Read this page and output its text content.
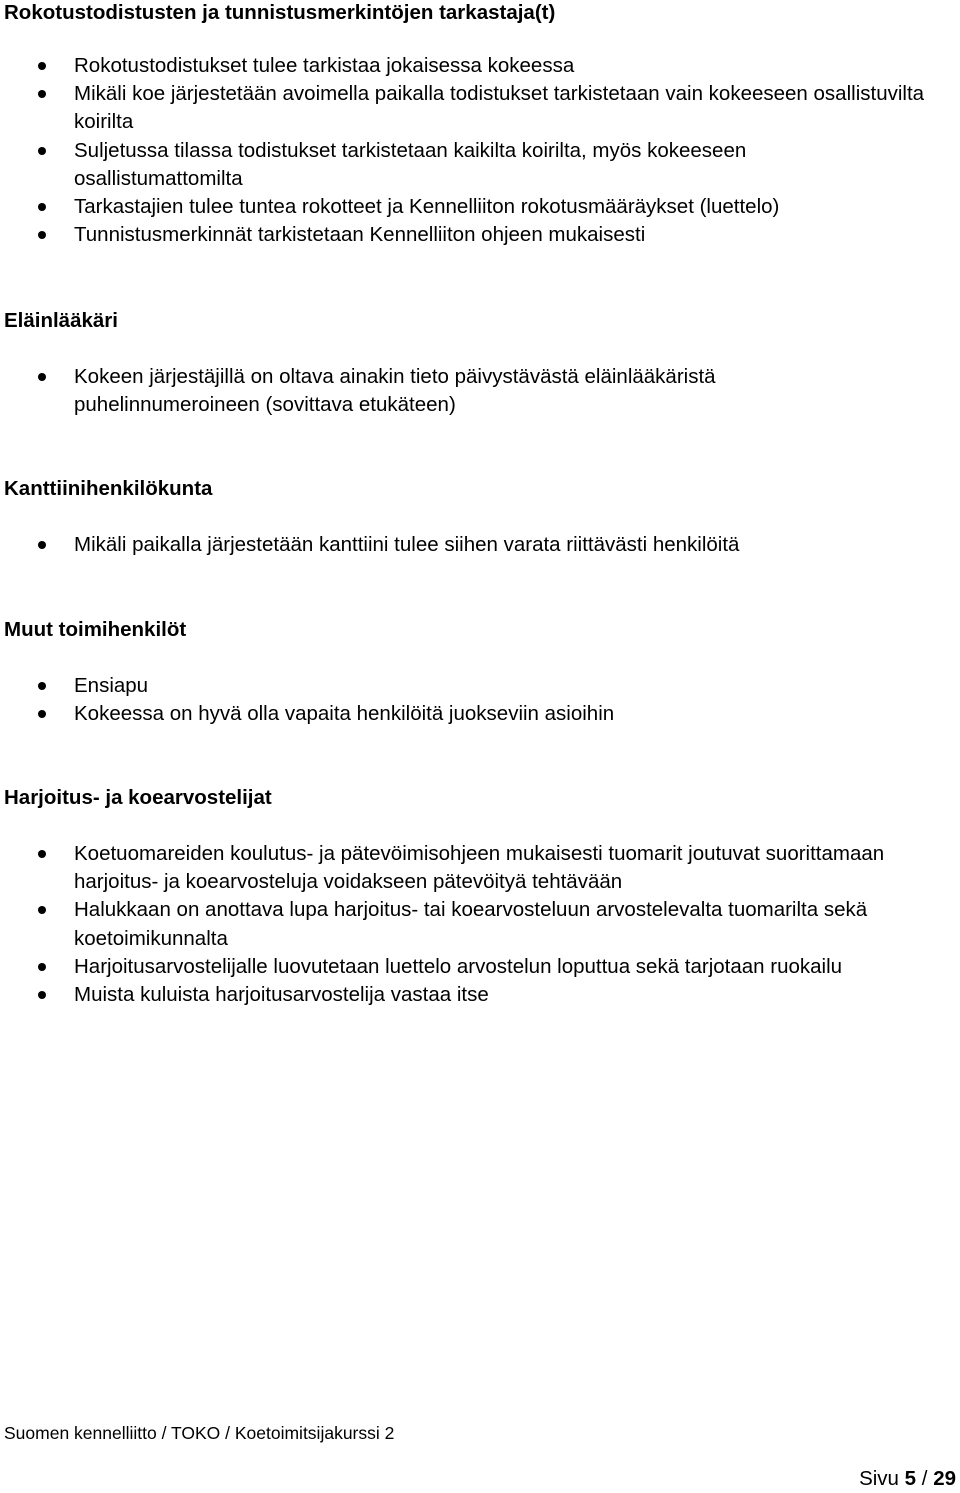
Rokotustodistusten ja tunnistusmerkintöjen tarkastaja(t)
Rokotustodistukset tulee tarkistaa jokaisessa kokeessa
Mikäli koe järjestetään avoimella paikalla todistukset tarkistetaan vain kokeeseen osallistuvilta koirilta
Suljetussa tilassa todistukset tarkistetaan kaikilta koirilta, myös kokeeseen osallistumattomilta
Tarkastajien tulee tuntea rokotteet ja Kennelliiton rokotusmääräykset (luettelo)
Tunnistusmerkinnät tarkistetaan Kennelliiton ohjeen mukaisesti
Eläinlääkäri
Kokeen järjestäjillä on oltava ainakin tieto päivystävästä eläinlääkäristä puhelinnumeroineen (sovittava etukäteen)
Kanttiinihenkilökunta
Mikäli paikalla järjestetään kanttiini tulee siihen varata riittävästi henkilöitä
Muut toimihenkilöt
Ensiapu
Kokeessa on hyvä olla vapaita henkilöitä juokseviin asioihin
Harjoitus- ja koearvostelijat
Koetuomareiden koulutus- ja pätevöimisohjeen mukaisesti tuomarit joutuvat suorittamaan harjoitus- ja koearvosteluja voidakseen pätevöityä tehtävään
Halukkaan on anottava lupa harjoitus- tai koearvosteluun arvostelevalta tuomarilta sekä koetoimikunnalta
Harjoitusarvostelijalle luovutetaan luettelo arvostelun loputtua sekä tarjotaan ruokailu
Muista kuluista harjoitusarvostelija vastaa itse
Suomen kennelliitto / TOKO / Koetoimitsijakurssi 2
Sivu 5 / 29
